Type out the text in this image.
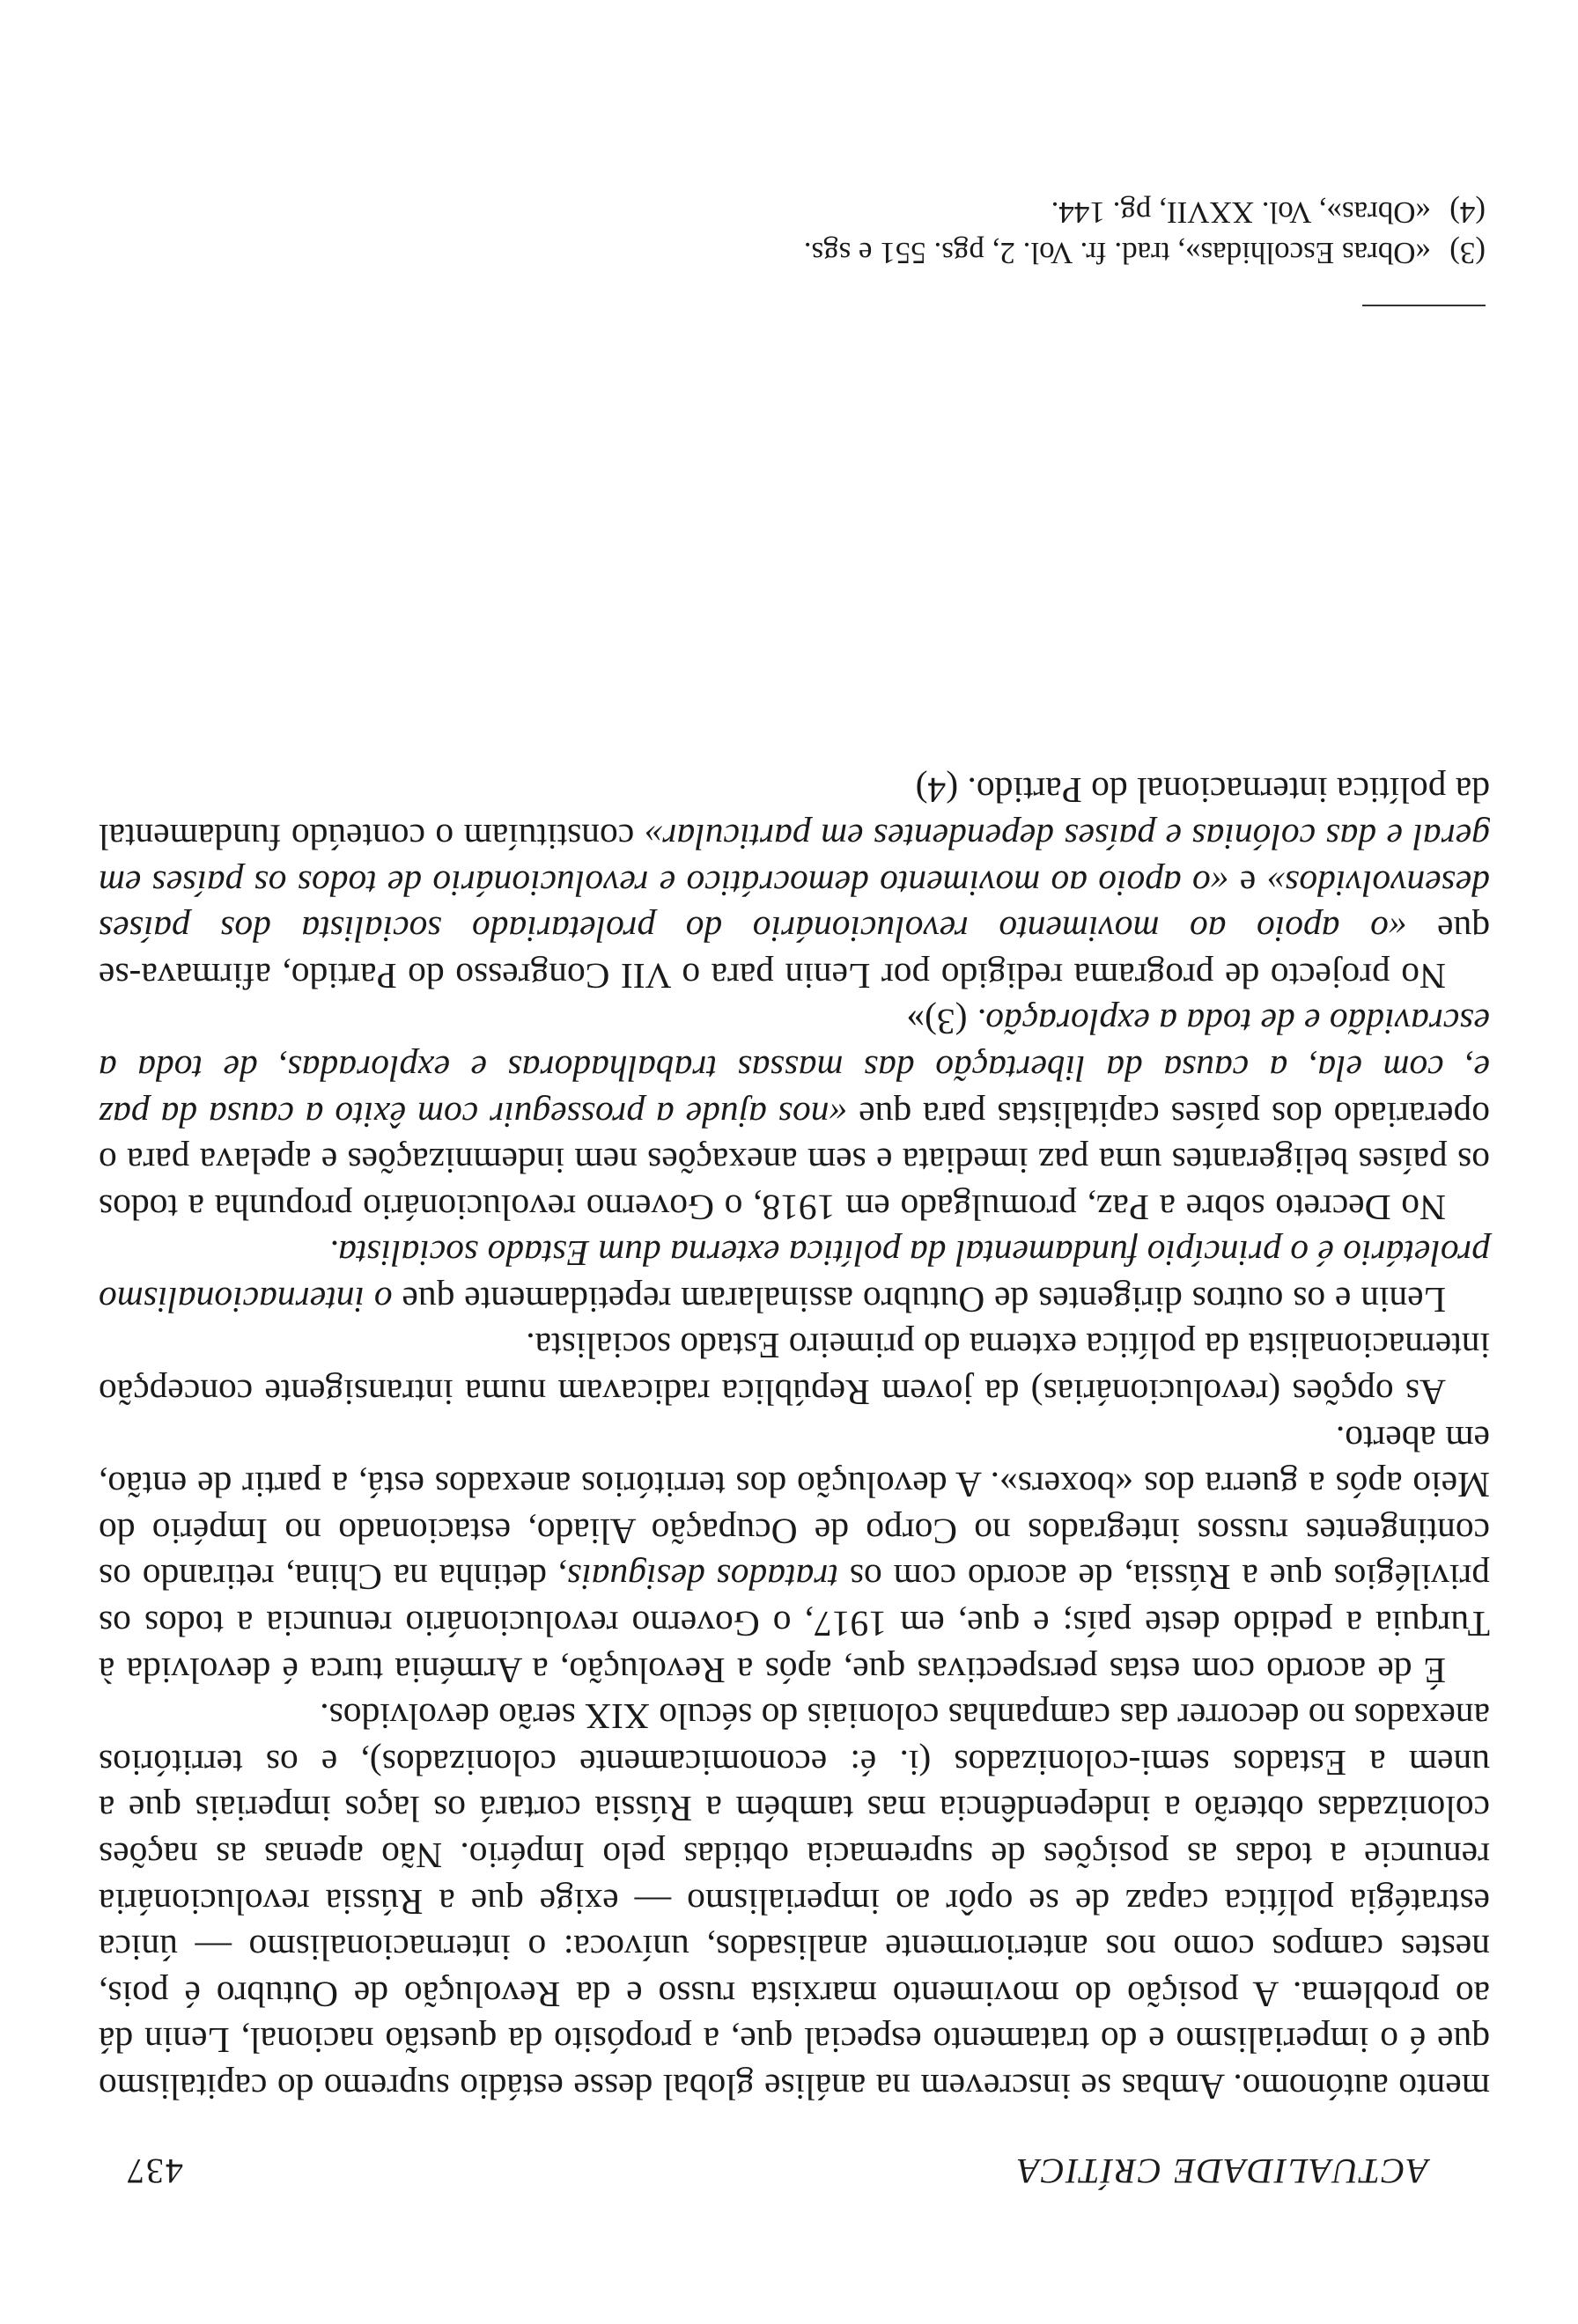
ACTUALIDADE CRÍTICA
437

mento autónomo. Ambas se inscrevem na análise global desse estádio supremo do capitalismo que é o imperialismo e do tratamento especial que, a propósito da questão nacional, Lenin dá ao problema. A posição do movimento marxista russo e da Revolução de Outubro é pois, nestes campos como nos anteriormente analisados, unívoca: o internacionalismo — única estratégia política capaz de se opôr ao imperialismo — exige que a Rússia revolucionária renuncie a todas as posições de supremacia obtidas pelo Império. Não apenas as nações colonizadas obterão a independência mas também a Rússia cortará os laços imperiais que a unem a Estados semi-colonizados (i. é: economicamente colonizados), e os territórios anexados no decorrer das campanhas coloniais do século XIX serão devolvidos.

É de acordo com estas perspectivas que, após a Revolução, a Arménia turca é devolvida à Turquia a pedido deste país; e que, em 1917, o Governo revolucionário renuncia a todos os privilégios que a Rússia, de acordo com os tratados desiguais, detinha na China, retirando os contingentes russos integrados no Corpo de Ocupação Aliado, estacionado no Império do Meio após a guerra dos «boxers». A devolução dos territórios anexados está, a partir de então, em aberto.

As opções (revolucionárias) da jovem República radicavam numa intransigente concepção internacionalista da política externa do primeiro Estado socialista.

Lenin e os outros dirigentes de Outubro assinalaram repetidamente que o internacionalismo proletário é o princípio fundamental da política externa dum Estado socialista.

No Decreto sobre a Paz, promulgado em 1918, o Governo revolucionário propunha a todos os países beligerantes uma paz imediata e sem anexações nem indemnizações e apelava para o operariado dos países capitalistas para que «nos ajude a prosseguir com êxito a causa da paz e, com ela, a causa da libertação das massas trabalhadoras e exploradas, de toda a escravidão e de toda a exploração. (3)»

No projecto de programa redigido por Lenin para o VII Congresso do Partido, afirmava-se que «o apoio ao movimento revolucionário do proletariado socialista dos países desenvolvidos» e «o apoio ao movimento democrático e revolucionário de todos os países em geral e das colónias e países dependentes em particular» constituíam o conteúdo fundamental da política internacional do Partido. (4)

(3)«Obras Escolhidas», trad. fr. Vol. 2, pgs. 551 e sgs.
(4)«Obras», Vol. XXVII, pg. 144.
